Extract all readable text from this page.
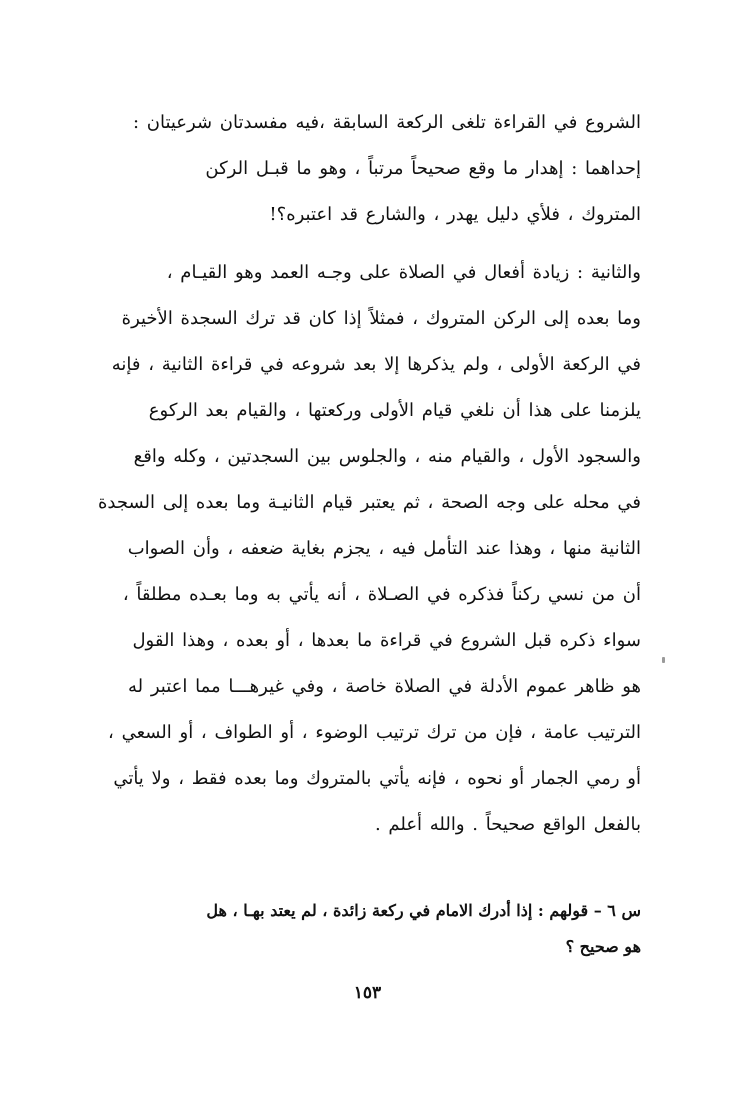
الشروع في القراءة تلغى الركعة السابقة ،فيه مفسدتان شرعيتان :

إحداهما : إهدار ما وقع صحيحاً مرتباً ، وهو ما قبـل الركن
المتروك ، فلأي دليل يهدر ، والشارع قد اعتبره؟!

والثانية : زيادة أفعال في الصلاة على وجـه العمد وهو القيـام ،
وما بعده إلى الركن المتروك ، فمثلاً إذا كان قد ترك السجدة الأخيرة
في الركعة الأولى ، ولم يذكرها إلا بعد شروعه في قراءة الثانية ، فإنه
يلزمنا على هذا أن نلغي قيام الأولى وركعتها ، والقيام بعد الركوع
والسجود الأول ، والقيام منه ، والجلوس بين السجدتين ، وكله واقع
في محله على وجه الصحة ، ثم يعتبر قيام الثانيـة وما بعده إلى السجدة
الثانية منها ، وهذا عند التأمل فيه ، يجزم بغاية ضعفه ، وأن الصواب
أن من نسي ركناً فذكره في الصـلاة ، أنه يأتي به وما بعـده مطلقاً ،
سواء ذكره قبل الشروع في قراءة ما بعدها ، أو بعده ، وهذا القول
هو ظاهر عموم الأدلة في الصلاة خاصة ، وفي غيرهـــا مما اعتبر له
الترتيب عامة ، فإن من ترك ترتيب الوضوء ، أو الطواف ، أو السعي ،
أو رمي الجمار أو نحوه ، فإنه يأتي بالمتروك وما بعده فقط ، ولا يأتي
بالفعل الواقع صحيحاً . والله أعلم .

س ٦ – قولهم : إذا أدرك الامام في ركعة زائدة ، لم يعتد بهـا ، هل
هو صحيح ؟
١٥٣
